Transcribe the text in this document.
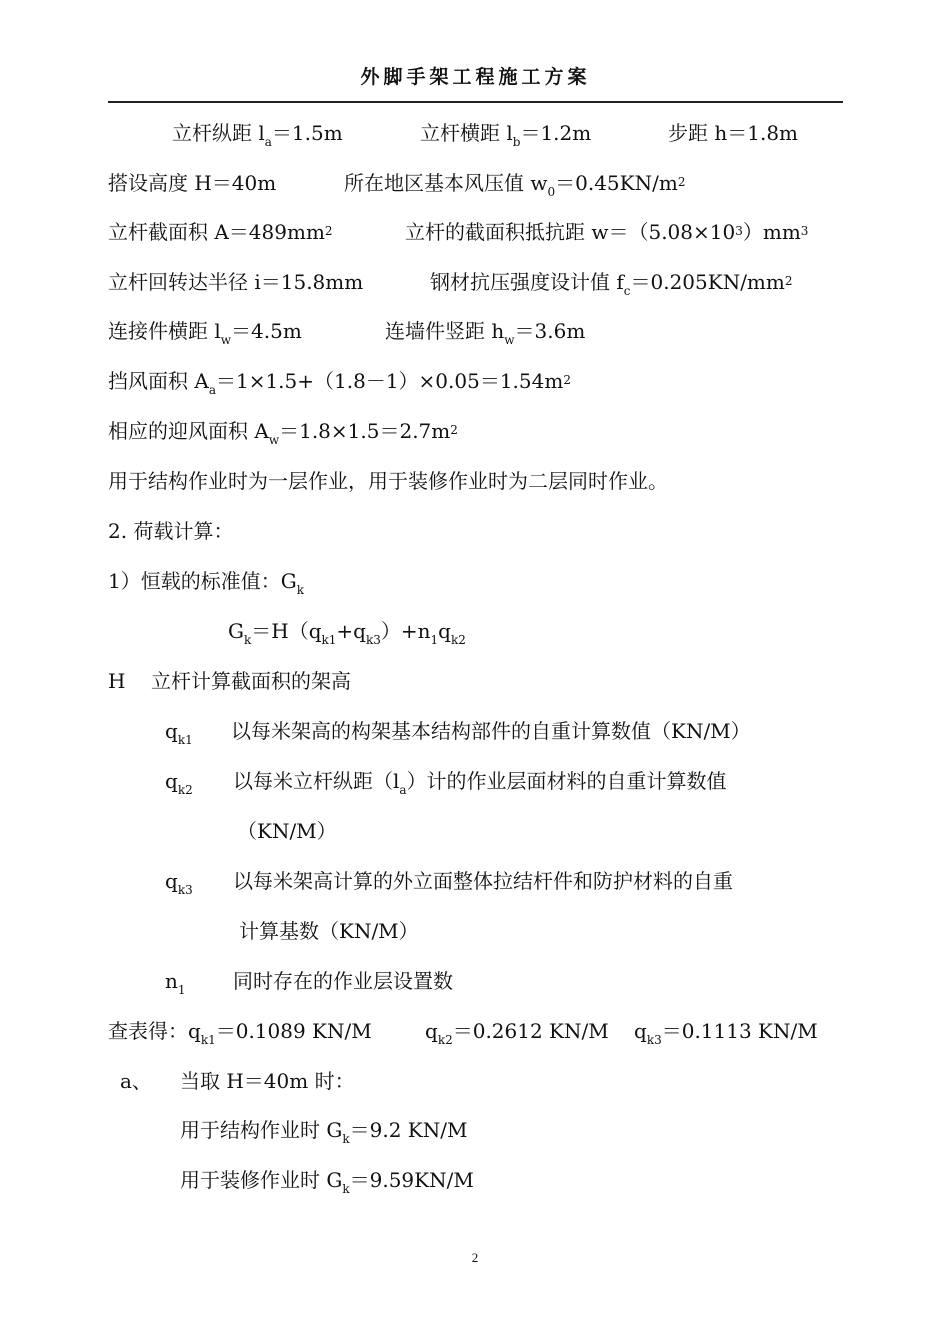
外脚手架工程施工方案
立杆纵距 $l_a=1.5m$	立杆横距 $l_b=1.2m$	步距 h＝1.8m
搭设高度 H＝40m	所在地区基本风压值 $w_0=0.45KN/m^2$
立杆截面积 $A=489mm^2$	立杆的截面积抵抗距 $w=(5.08\times 10^3)mm^3$
立杆回转达半径 i＝15.8mm	钢材抗压强度设计值 $f_c=0.205KN/mm^2$
连接件横距 $l_w=4.5m$	连墙件竖距 $h_w=3.6m$
挡风面积 $A_a=1\times 1.5+(1.8-1)\times 0.05=1.54m^2$
相应的迎风面积 $A_w=1.8\times 1.5=2.7m^2$
用于结构作业时为一层作业，用于装修作业时为二层同时作业。
2. 荷载计算：
1）恒载的标准值：$G_k$
$G_k=H(q_{k1}+q_{k3})+n_1q_{k2}$
H 立杆计算截面积的架高
$q_{k1}$ 以每米架高的构架基本结构部件的自重计算数值（KN/M）
$q_{k2}$ 以每米立杆纵距$(l_a)$计的作业层面材料的自重计算数值
（KN/M）
$q_{k3}$ 以每米架高计算的外立面整体拉结杆件和防护材料的自重
计算基数（KN/M）
$n_1$ 同时存在的作业层设置数
查表得：$q_{k1}=0.1089$ KN/M	$q_{k2}=0.2612$ KN/M $q_{k3}=0.1113$ KN/M
a、 当取 H＝40m 时：
用于结构作业时 $G_k=9.2$ KN/M
用于装修作业时 $G_k=9.59KN/M$
2
